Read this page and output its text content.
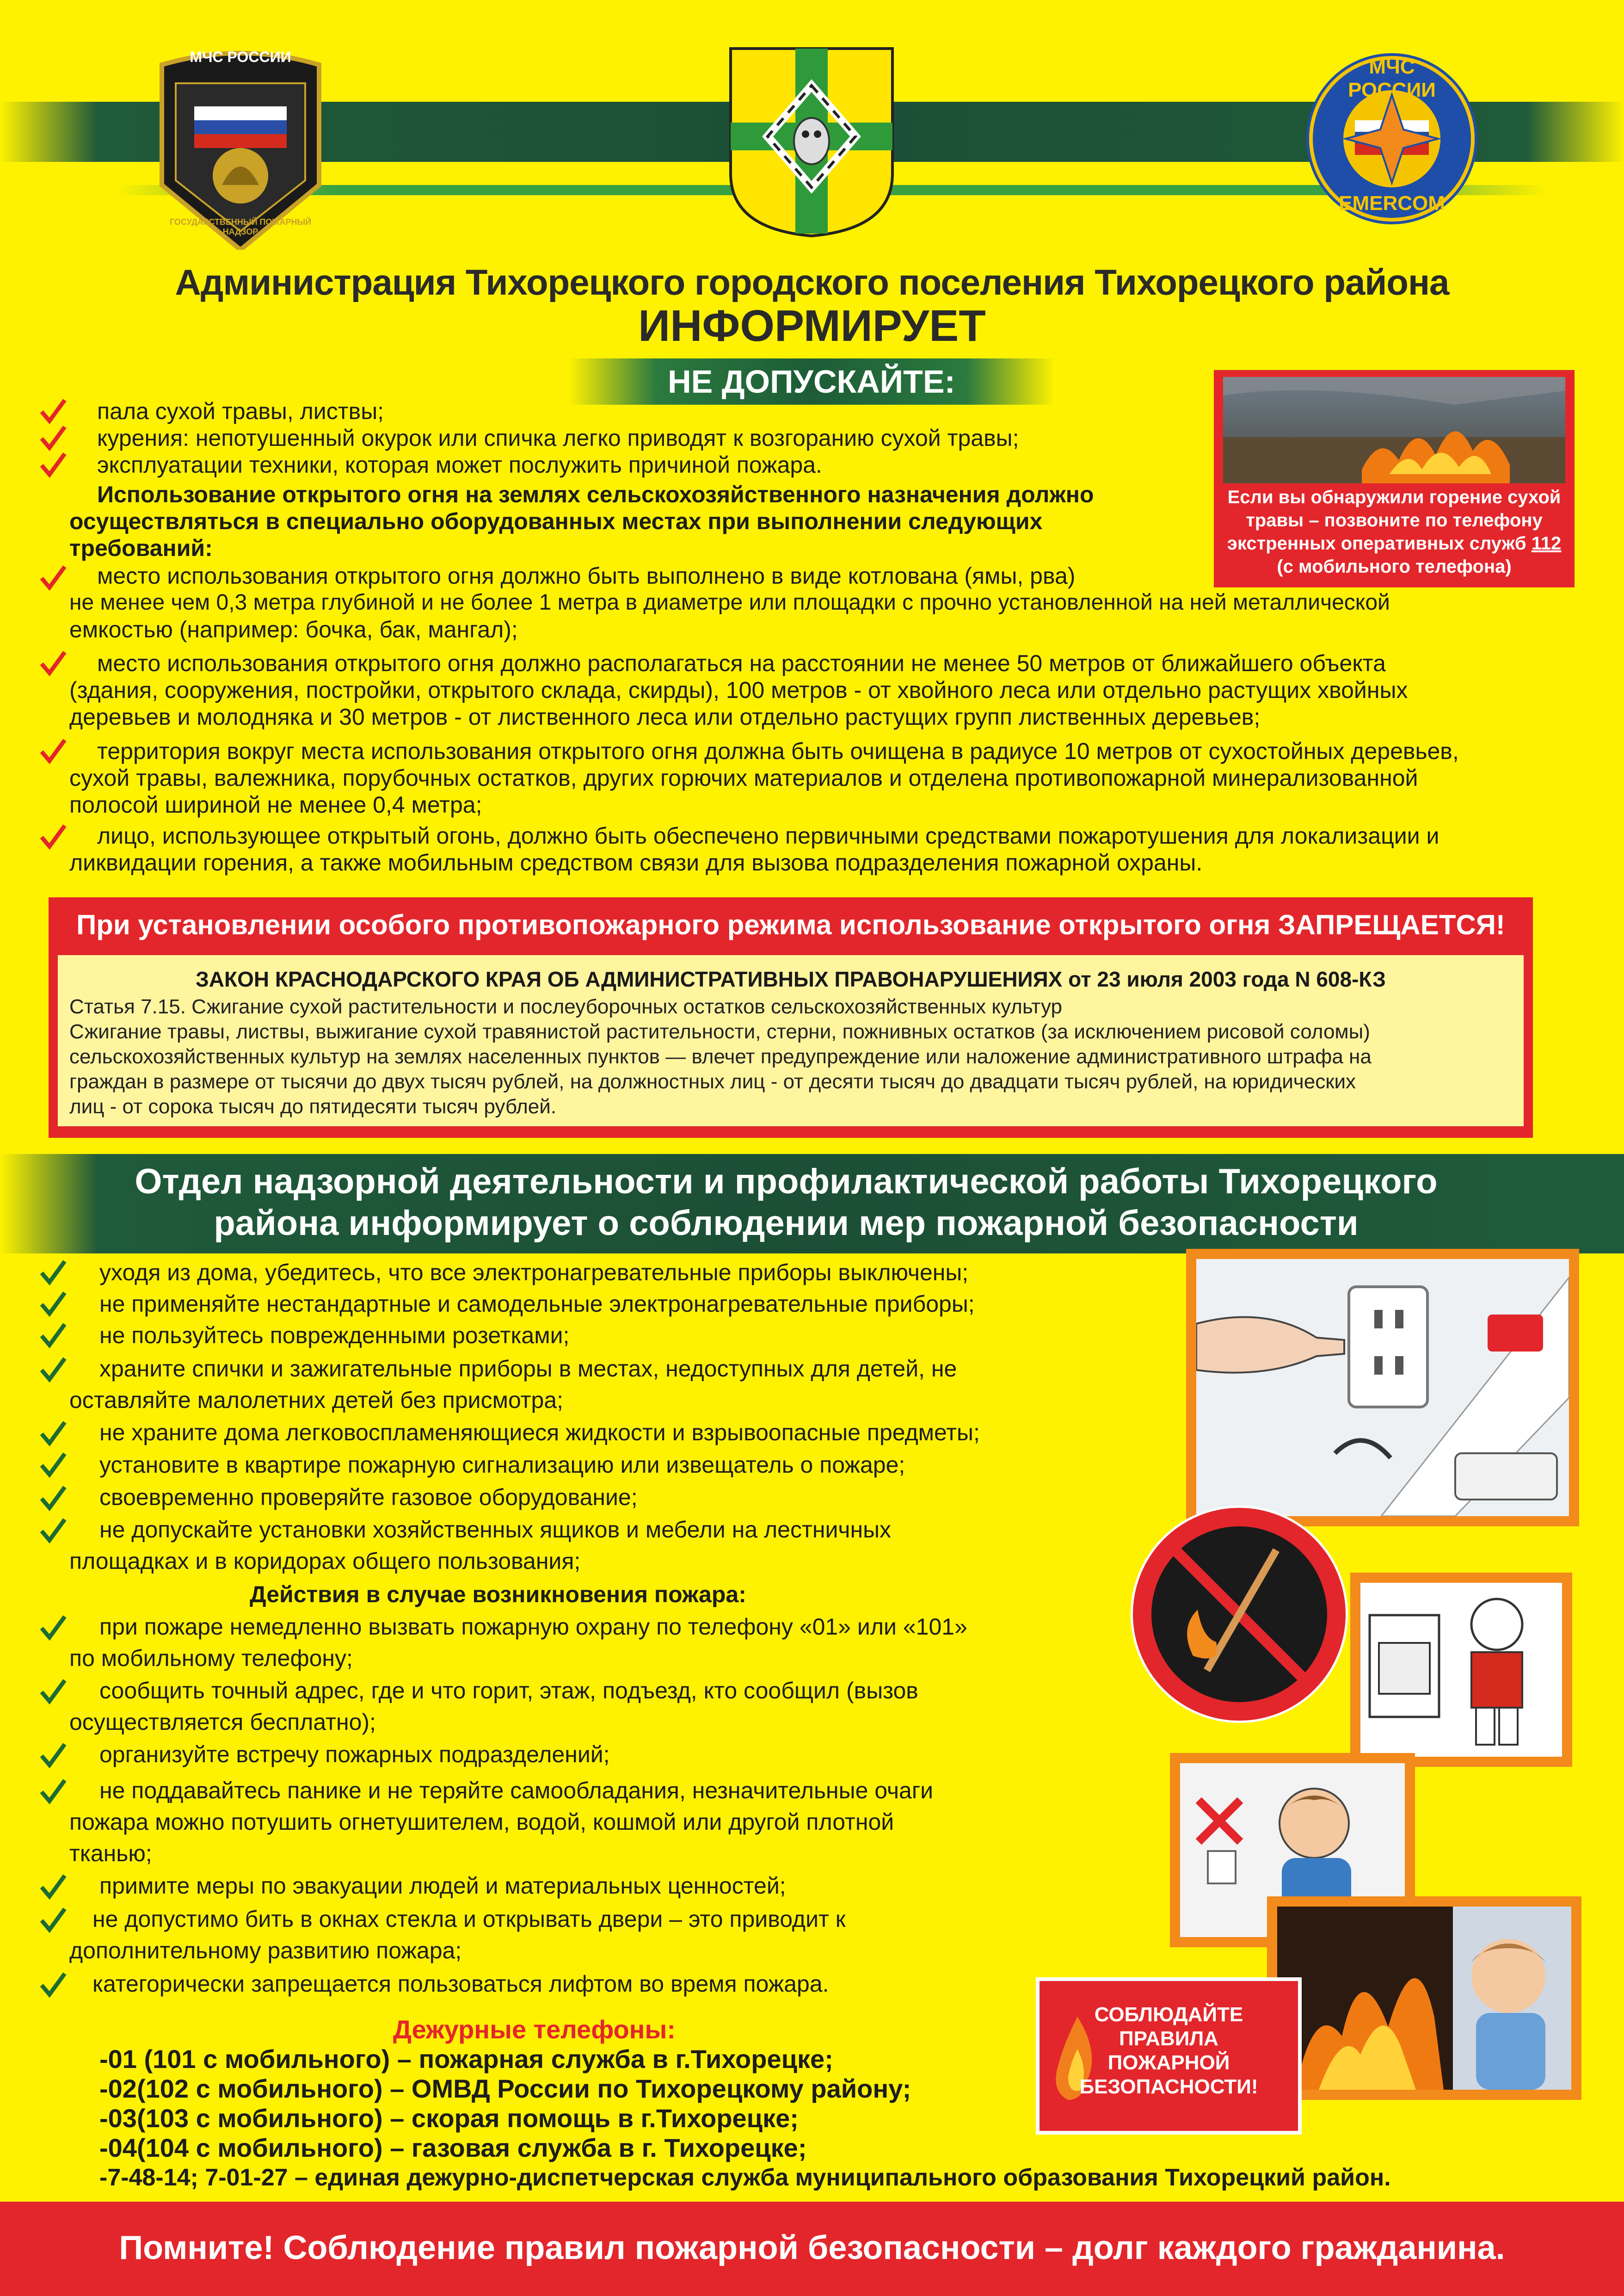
МЧС РОССИИ
ГОСУДАРСТВЕННЫЙ ПОЖАРНЫЙ НАДЗОР
МЧС РОССИИ
EMERCOM
Администрация Тихорецкого городского поселения Тихорецкого района
ИНФОРМИРУЕТ
НЕ ДОПУСКАЙТЕ:
Если вы обнаружили горение сухой
травы – позвоните по телефону
экстренных оперативных служб 112
(с мобильного телефона)
пала сухой травы, листвы;
курения: непотушенный окурок или спичка легко приводят к возгоранию сухой травы;
эксплуатации техники, которая может послужить причиной пожара.
Использование открытого огня на землях сельскохозяйственного назначения должно
осуществляться в специально оборудованных местах при выполнении следующих
требований:
место использования открытого огня должно быть выполнено в виде котлована (ямы, рва)
не менее чем 0,3 метра глубиной и не более 1 метра в диаметре или площадки с прочно установленной на ней металлической
емкостью (например: бочка, бак, мангал);
место использования открытого огня должно располагаться на расстоянии не менее 50 метров от ближайшего объекта
(здания, сооружения, постройки, открытого склада, скирды), 100 метров - от хвойного леса или отдельно растущих хвойных
деревьев и молодняка и 30 метров - от лиственного леса или отдельно растущих групп лиственных деревьев;
территория вокруг места использования открытого огня должна быть очищена в радиусе 10 метров от сухостойных деревьев,
сухой травы, валежника, порубочных остатков, других горючих материалов и отделена противопожарной минерализованной
полосой шириной не менее 0,4 метра;
лицо, использующее открытый огонь, должно быть обеспечено первичными средствами пожаротушения для локализации и
ликвидации горения, а также мобильным средством связи для вызова подразделения пожарной охраны.
При установлении особого противопожарного режима использование открытого огня ЗАПРЕЩАЕТСЯ!
ЗАКОН КРАСНОДАРСКОГО КРАЯ ОБ АДМИНИСТРАТИВНЫХ ПРАВОНАРУШЕНИЯХ от 23 июля 2003 года N 608-КЗ
Статья 7.15. Сжигание сухой растительности и послеуборочных остатков сельскохозяйственных культур
Сжигание травы, листвы, выжигание сухой травянистой растительности, стерни, пожнивных остатков (за исключением рисовой соломы)
сельскохозяйственных культур на землях населенных пунктов — влечет предупреждение или наложение административного штрафа на
граждан в размере от тысячи до двух тысяч рублей, на должностных лиц - от десяти тысяч до двадцати тысяч рублей, на юридических
лиц - от сорока тысяч до пятидесяти тысяч рублей.
Отдел надзорной деятельности и профилактической работы Тихорецкого
района информирует о соблюдении мер пожарной безопасности
СОБЛЮДАЙТЕ
ПРАВИЛА
ПОЖАРНОЙ
БЕЗОПАСНОСТИ!
уходя из дома, убедитесь, что все электронагревательные приборы выключены;
не применяйте нестандартные и самодельные электронагревательные приборы;
не пользуйтесь поврежденными розетками;
храните спички и зажигательные приборы в местах, недоступных для детей, не
оставляйте малолетних детей без присмотра;
не храните дома легковоспламеняющиеся жидкости и взрывоопасные предметы;
установите в квартире пожарную сигнализацию или извещатель о пожаре;
своевременно проверяйте газовое оборудование;
не допускайте установки хозяйственных ящиков и мебели на лестничных
площадках и в коридорах общего пользования;
Действия в случае возникновения пожара:
при пожаре немедленно вызвать пожарную охрану по телефону «01» или «101»
по мобильному телефону;
сообщить точный адрес, где и что горит, этаж, подъезд, кто сообщил (вызов
осуществляется бесплатно);
организуйте встречу пожарных подразделений;
не поддавайтесь панике и не теряйте самообладания, незначительные очаги
пожара можно потушить огнетушителем, водой, кошмой или другой плотной
тканью;
примите меры по эвакуации людей и материальных ценностей;
не допустимо бить в окнах стекла и открывать двери – это приводит к
дополнительному развитию пожара;
категорически запрещается пользоваться лифтом во время пожара.
Дежурные телефоны:
-01 (101 с мобильного) – пожарная служба в г.Тихорецке;
-02(102 с мобильного) – ОМВД России по Тихорецкому району;
-03(103 с мобильного) – скорая помощь в г.Тихорецке;
-04(104 с мобильного) – газовая служба в г. Тихорецке;
-7-48-14; 7-01-27 – единая дежурно-диспетчерская служба муниципального образования Тихорецкий район.
Помните! Соблюдение правил пожарной безопасности – долг каждого гражданина.
